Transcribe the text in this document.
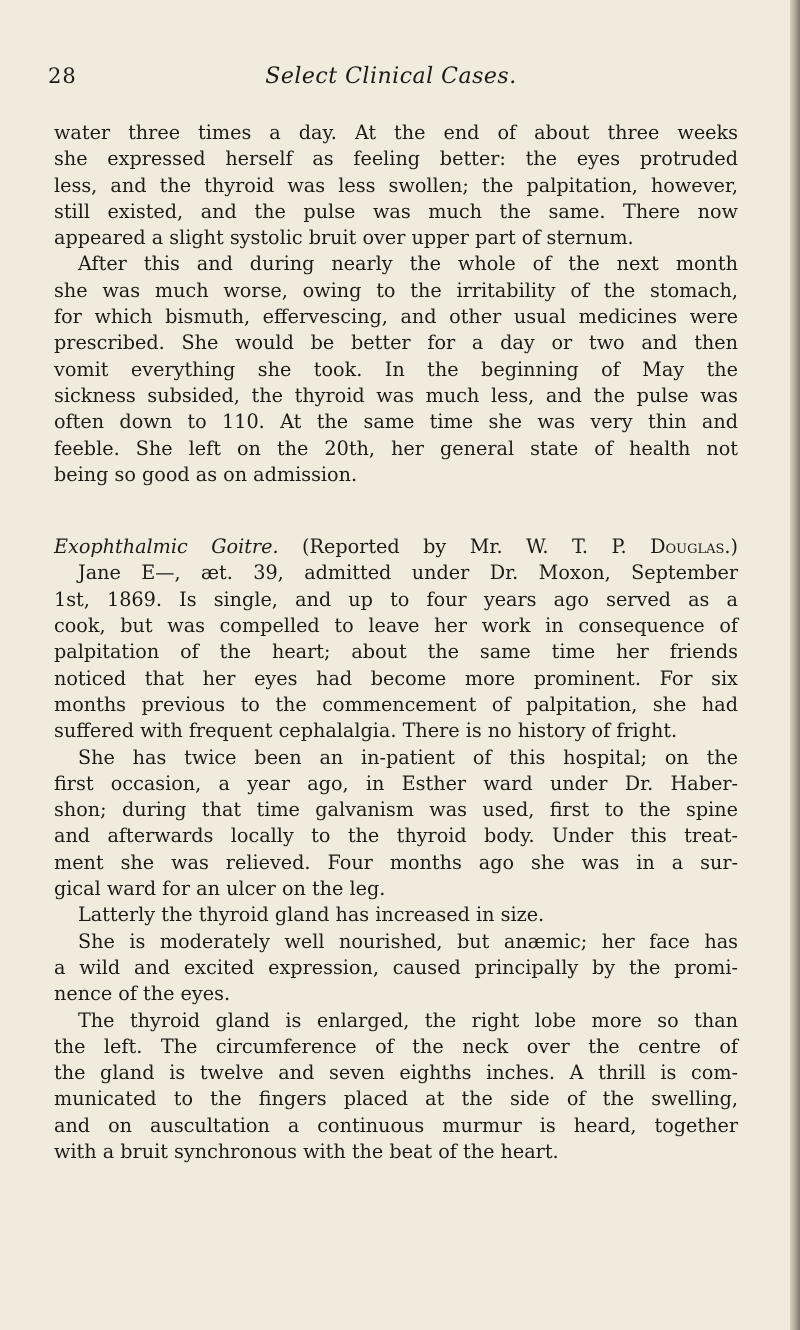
28	Select Clinical Cases.
water three times a day. At the end of about three weeks
she expressed herself as feeling better: the eyes protruded
less, and the thyroid was less swollen; the palpitation, however,
still existed, and the pulse was much the same. There now
appeared a slight systolic bruit over upper part of sternum.
After this and during nearly the whole of the next month
she was much worse, owing to the irritability of the stomach,
for which bismuth, effervescing, and other usual medicines were
prescribed. She would be better for a day or two and then
vomit everything she took. In the beginning of May the
sickness subsided, the thyroid was much less, and the pulse was
often down to 110. At the same time she was very thin and
feeble. She left on the 20th, her general state of health not
being so good as on admission.
Exophthalmic Goitre. (Reported by Mr. W. T. P. Douglas.)
Jane E—, æt. 39, admitted under Dr. Moxon, September
1st, 1869. Is single, and up to four years ago served as a
cook, but was compelled to leave her work in consequence of
palpitation of the heart; about the same time her friends
noticed that her eyes had become more prominent. For six
months previous to the commencement of palpitation, she had
suffered with frequent cephalalgia. There is no history of fright.
She has twice been an in-patient of this hospital; on the
first occasion, a year ago, in Esther ward under Dr. Haber-
shon; during that time galvanism was used, first to the spine
and afterwards locally to the thyroid body. Under this treat-
ment she was relieved. Four months ago she was in a sur-
gical ward for an ulcer on the leg.
Latterly the thyroid gland has increased in size.
She is moderately well nourished, but anæmic; her face has
a wild and excited expression, caused principally by the promi-
nence of the eyes.
The thyroid gland is enlarged, the right lobe more so than
the left. The circumference of the neck over the centre of
the gland is twelve and seven eighths inches. A thrill is com-
municated to the fingers placed at the side of the swelling,
and on auscultation a continuous murmur is heard, together
with a bruit synchronous with the beat of the heart.
